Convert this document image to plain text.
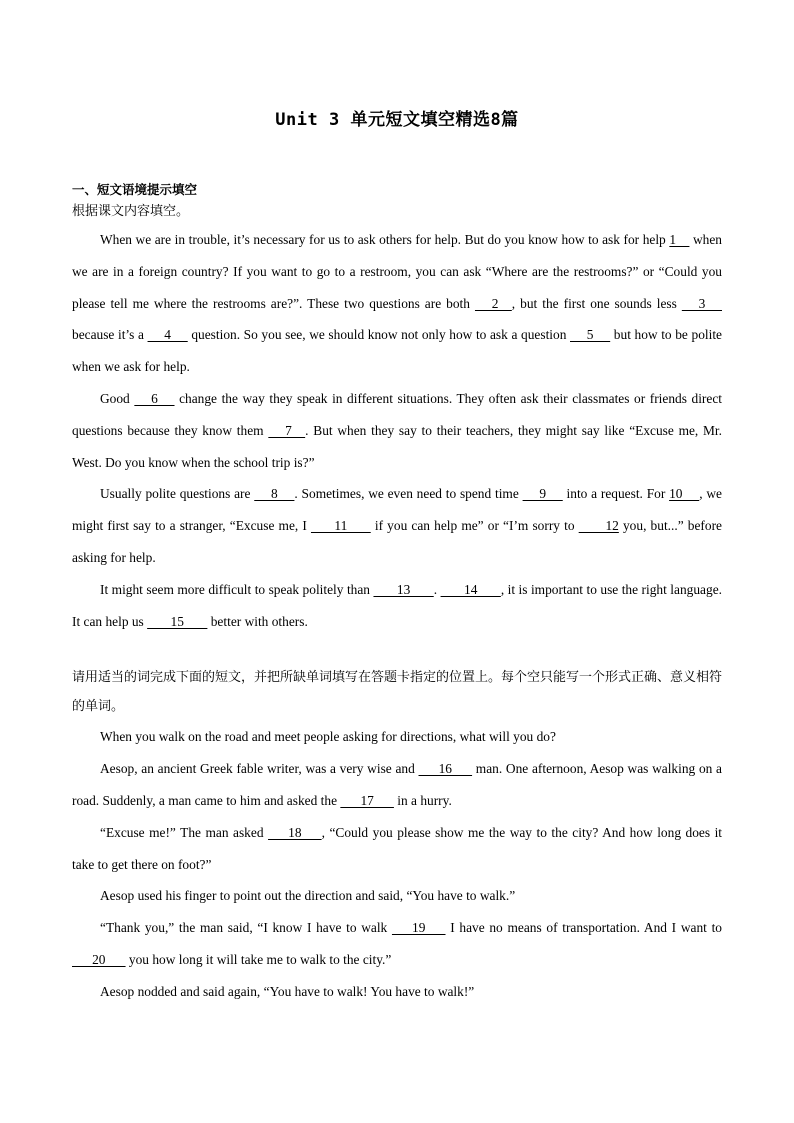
Unit 3 单元短文填空精选8篇

一、短文语境提示填空

根据课文内容填空。

When we are in trouble, it’s necessary for us to ask others for help. But do you know how to ask for help 1     when we are in a foreign country? If you want to go to a restroom, you can ask “Where are the restrooms?” or “Could you please tell me where the restrooms are?”. These two questions are both      2    , but the first one sounds less      3      because it’s a      4      question. So you see, we should know not only how to ask a question      5      but how to be polite when we ask for help.

Good      6      change the way they speak in different situations. They often ask their classmates or friends direct questions because they know them      7    . But when they say to their teachers, they might say like “Excuse me, Mr. West. Do you know when the school trip is?”

Usually polite questions are      8     . Sometimes, we even need to spend time      9      into a request. For 10     , we might first say to a stranger, “Excuse me, I        11        if you can help me” or “I’m sorry to         12 you, but...” before asking for help.

It might seem more difficult to speak politely than        13       .        14       , it is important to use the right language. It can help us        15        better with others.

请用适当的词完成下面的短文，并把所缺单词填写在答题卡指定的位置上。每个空只能写一个形式正确、意义相符的单词。

When you walk on the road and meet people asking for directions, what will you do?

Aesop, an ancient Greek fable writer, was a very wise and       16       man. One afternoon, Aesop was walking on a road. Suddenly, a man came to him and asked the       17       in a hurry.

“Excuse me!” The man asked       18      , “Could you please show me the way to the city? And how long does it take to get there on foot?”

Aesop used his finger to point out the direction and said, “You have to walk.”

“Thank you,” the man said, “I know I have to walk       19       I have no means of transportation. And I want to       20       you how long it will take me to walk to the city.”

Aesop nodded and said again, “You have to walk! You have to walk!”
